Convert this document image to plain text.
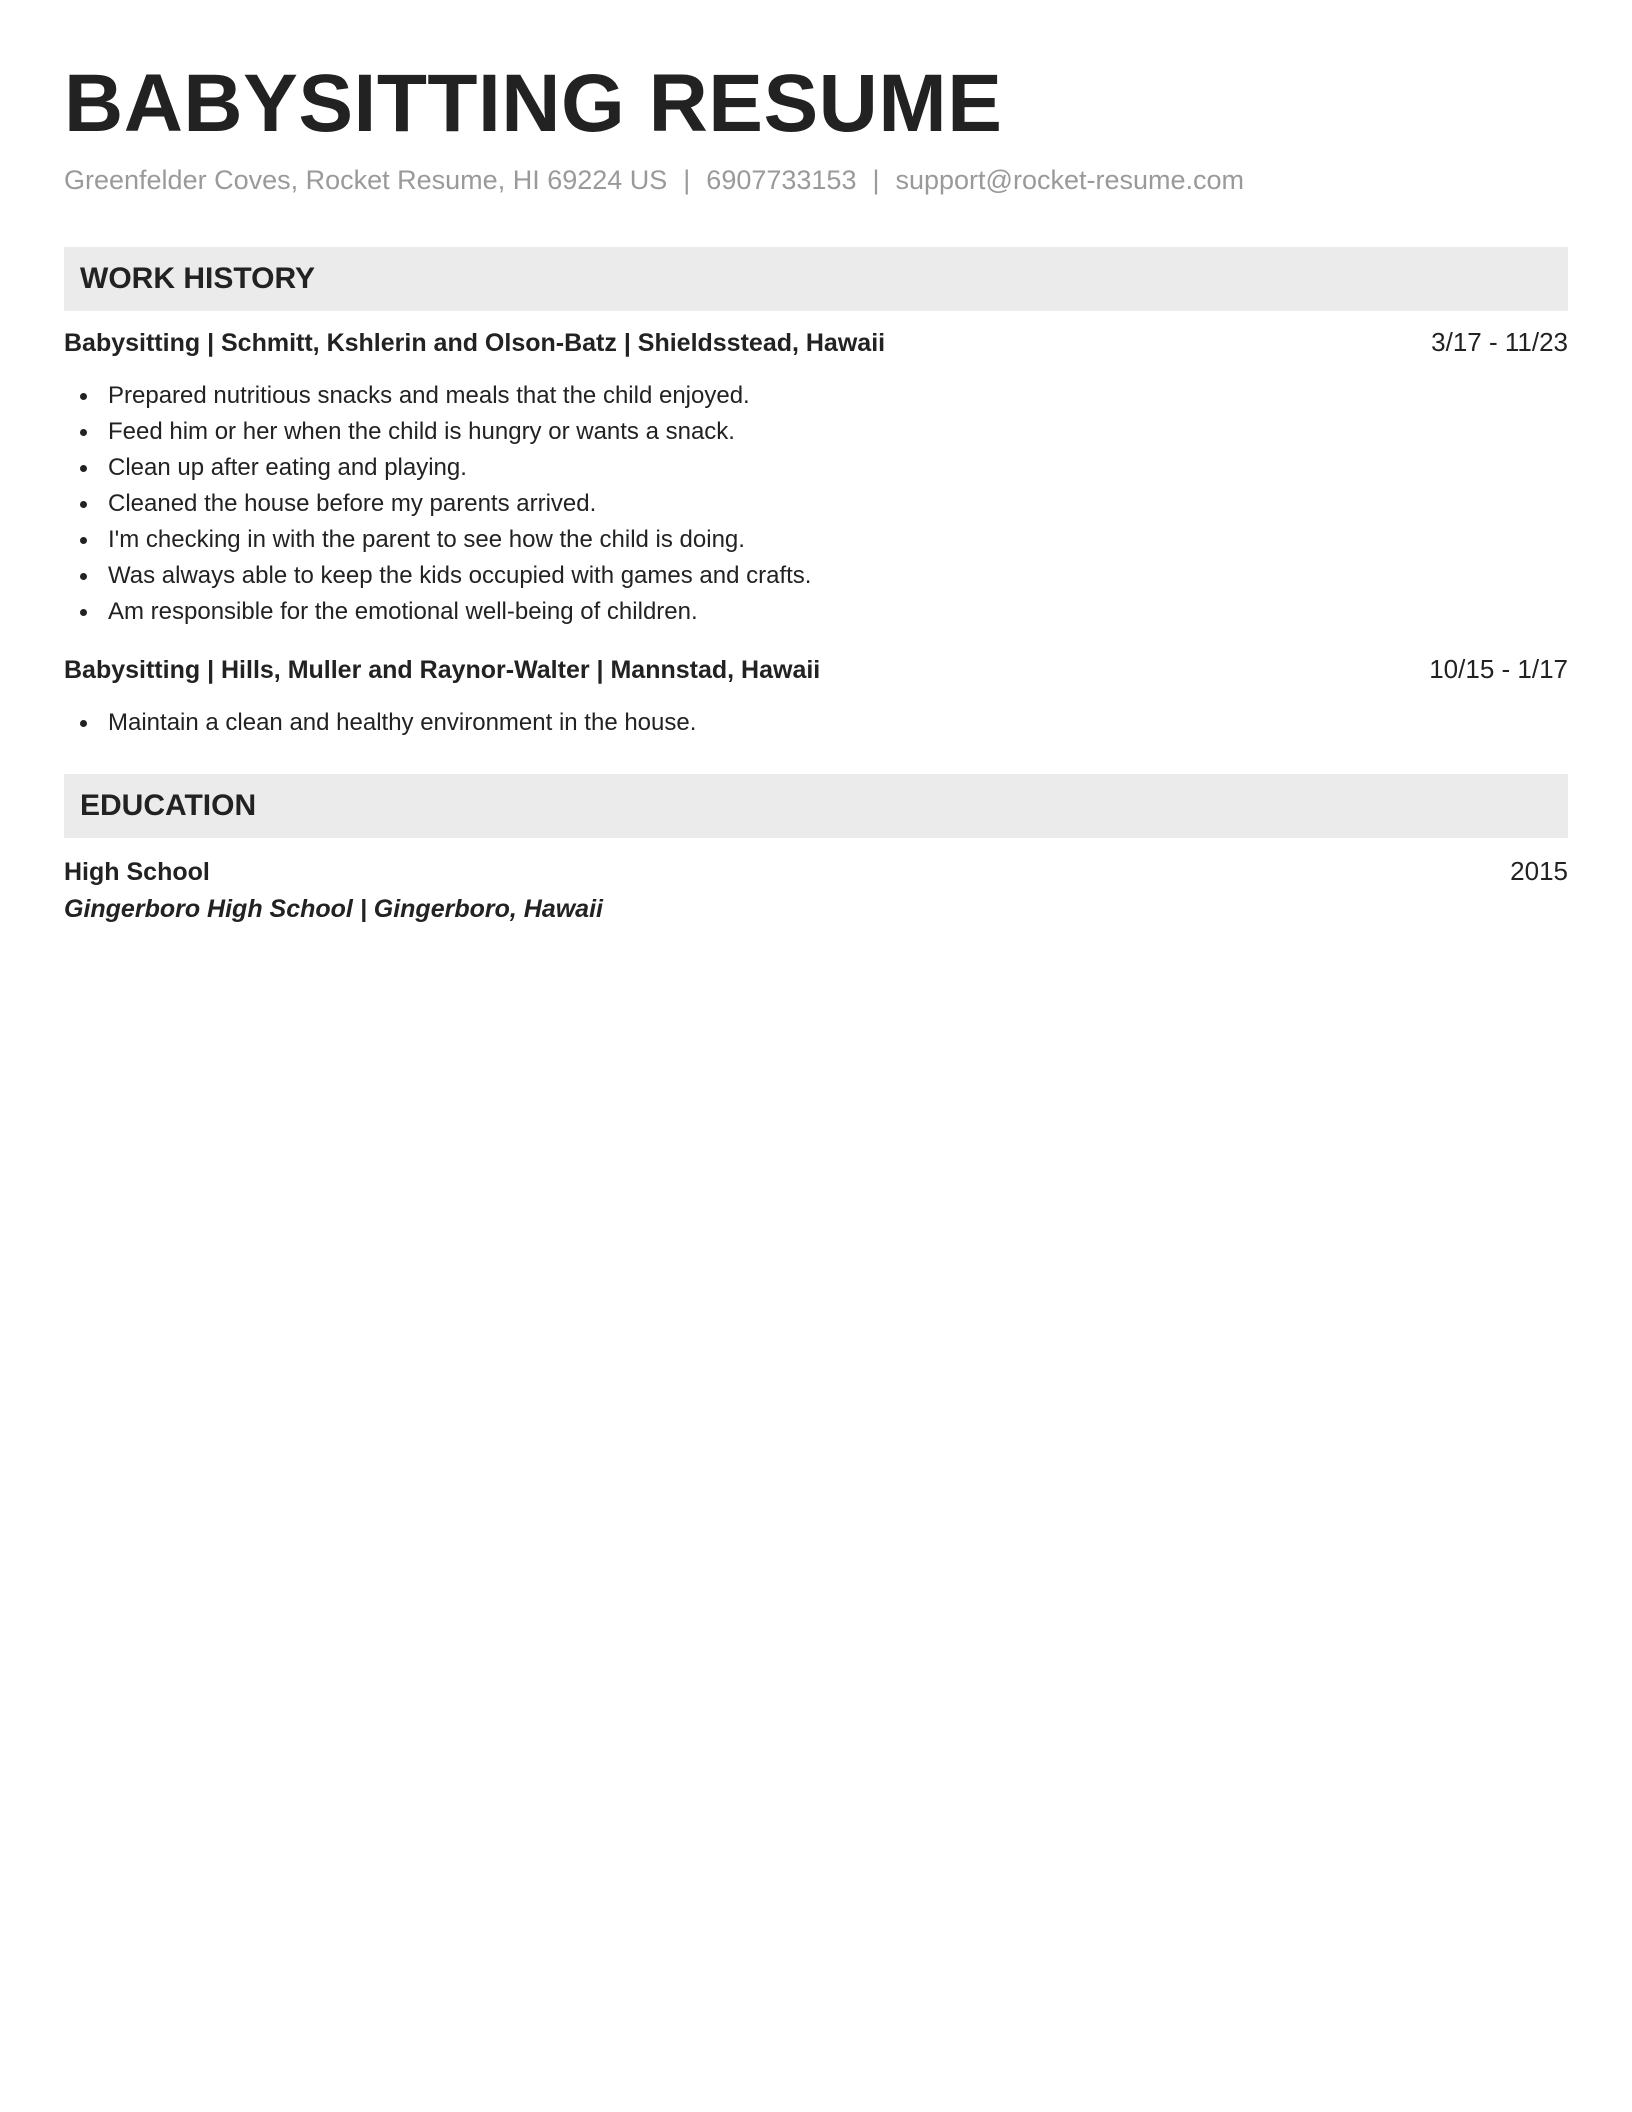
BABYSITTING RESUME
Greenfelder Coves, Rocket Resume, HI 69224 US | 6907733153 | support@rocket-resume.com
WORK HISTORY
Babysitting | Schmitt, Kshlerin and Olson-Batz | Shieldsstead, Hawaii	3/17 - 11/23
Prepared nutritious snacks and meals that the child enjoyed.
Feed him or her when the child is hungry or wants a snack.
Clean up after eating and playing.
Cleaned the house before my parents arrived.
I'm checking in with the parent to see how the child is doing.
Was always able to keep the kids occupied with games and crafts.
Am responsible for the emotional well-being of children.
Babysitting | Hills, Muller and Raynor-Walter | Mannstad, Hawaii	10/15 - 1/17
Maintain a clean and healthy environment in the house.
EDUCATION
High School	2015
Gingerboro High School | Gingerboro, Hawaii
